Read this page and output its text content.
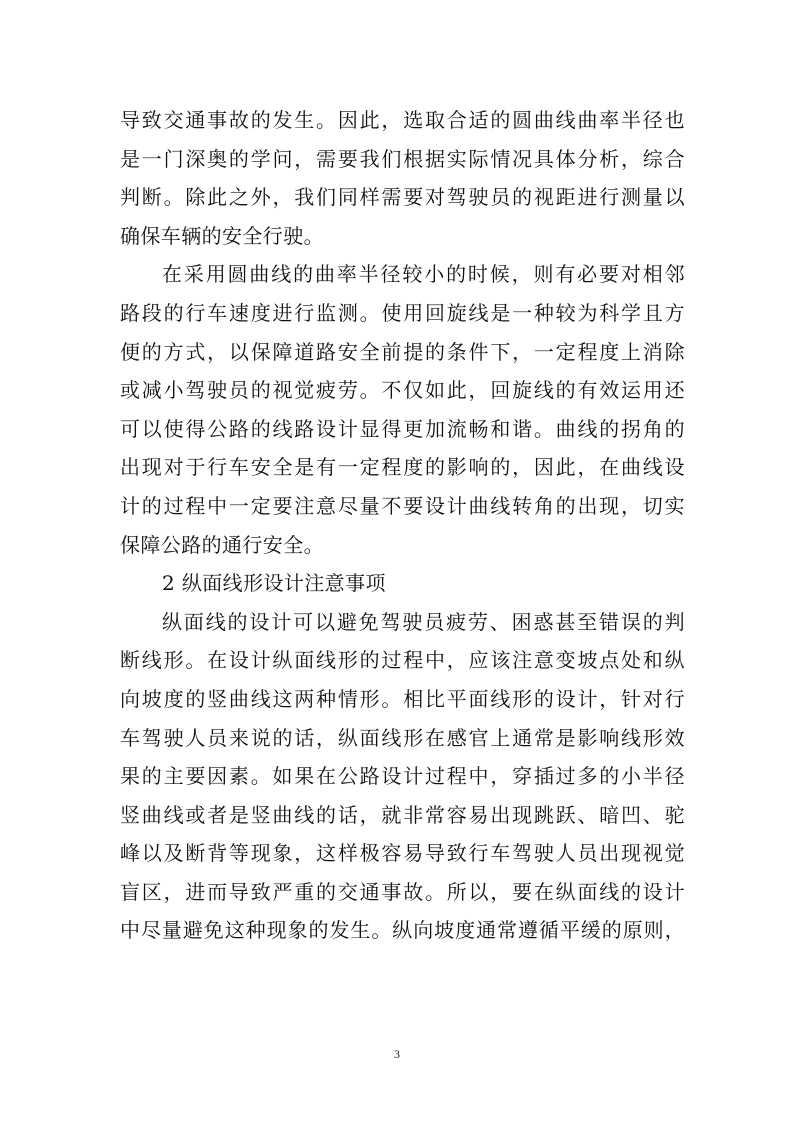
导致交通事故的发生。因此，选取合适的圆曲线曲率半径也
是一门深奥的学问，需要我们根据实际情况具体分析，综合
判断。除此之外，我们同样需要对驾驶员的视距进行测量以
确保车辆的安全行驶。
在采用圆曲线的曲率半径较小的时候，则有必要对相邻
路段的行车速度进行监测。使用回旋线是一种较为科学且方
便的方式，以保障道路安全前提的条件下，一定程度上消除
或减小驾驶员的视觉疲劳。不仅如此，回旋线的有效运用还
可以使得公路的线路设计显得更加流畅和谐。曲线的拐角的
出现对于行车安全是有一定程度的影响的，因此，在曲线设
计的过程中一定要注意尽量不要设计曲线转角的出现，切实
保障公路的通行安全。
2 纵面线形设计注意事项
纵面线的设计可以避免驾驶员疲劳、困惑甚至错误的判
断线形。在设计纵面线形的过程中，应该注意变坡点处和纵
向坡度的竖曲线这两种情形。相比平面线形的设计，针对行
车驾驶人员来说的话，纵面线形在感官上通常是影响线形效
果的主要因素。如果在公路设计过程中，穿插过多的小半径
竖曲线或者是竖曲线的话，就非常容易出现跳跃、暗凹、驼
峰以及断背等现象，这样极容易导致行车驾驶人员出现视觉
盲区，进而导致严重的交通事故。所以，要在纵面线的设计
中尽量避免这种现象的发生。纵向坡度通常遵循平缓的原则，
3
